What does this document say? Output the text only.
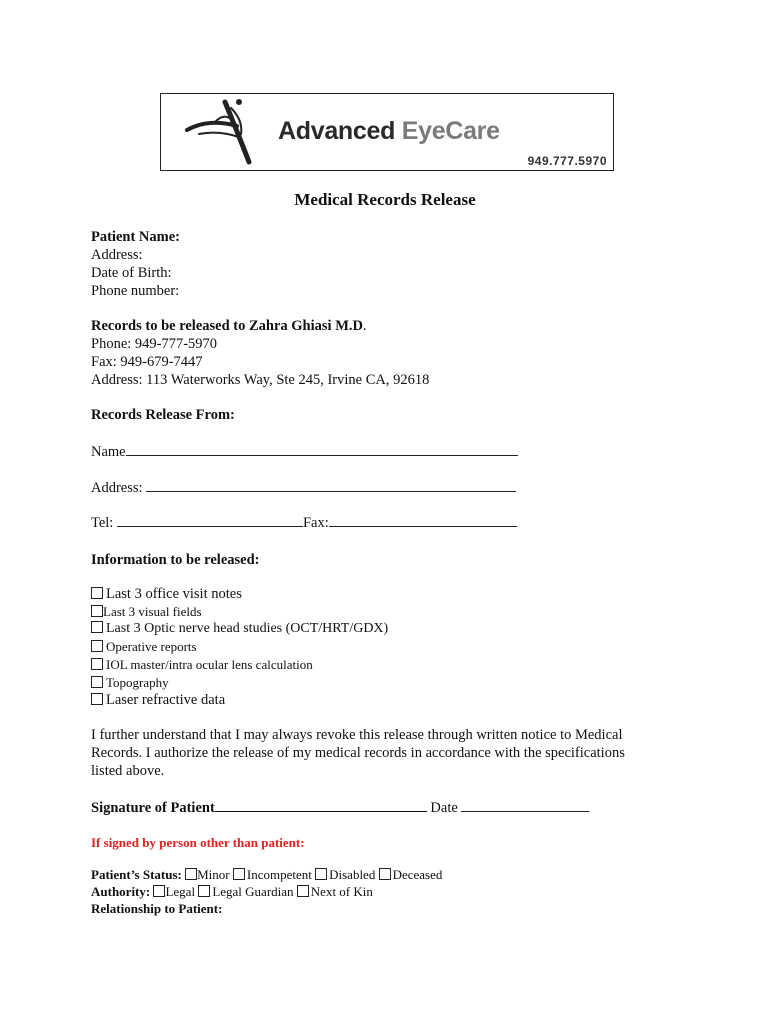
Advanced EyeCare
949.777.5970
Medical Records Release
Patient Name:
Address:
Date of Birth:
Phone number:
Records to be released to Zahra Ghiasi M.D.
Phone: 949-777-5970
Fax: 949-679-7447
Address: 113 Waterworks Way, Ste 245, Irvine CA, 92618
Records Release From:
Name
Address:
Tel:	Fax:
Information to be released:
Last 3 office visit notes
Last 3 visual fields
Last 3 Optic nerve head studies (OCT/HRT/GDX)
Operative reports
IOL master/intra ocular lens calculation
Topography
Laser refractive data
I further understand that I may always revoke this release through written notice to Medical
Records. I authorize the release of my medical records in accordance with the specifications
listed above.
Signature of Patient	Date
If signed by person other than patient:
Patient’s Status: Minor Incompetent Disabled Deceased
Authority: Legal Legal Guardian Next of Kin
Relationship to Patient:
